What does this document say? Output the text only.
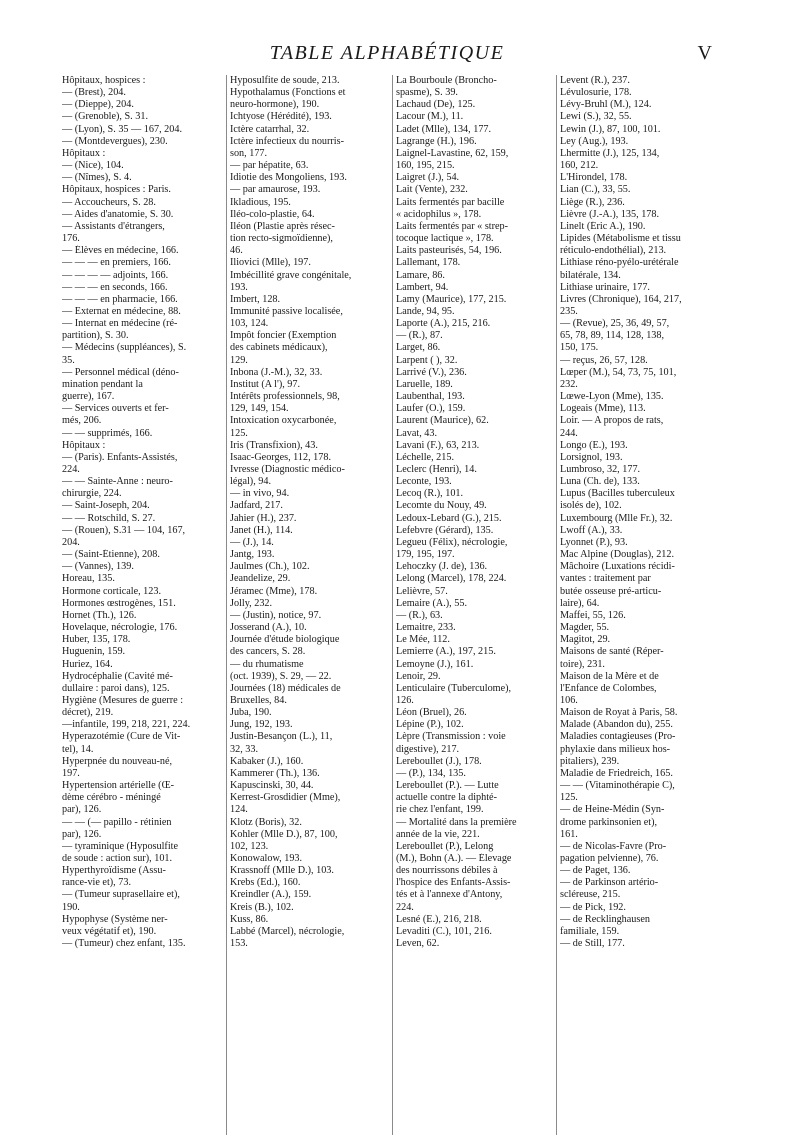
TABLE ALPHABÉTIQUE	V
Hôpitaux, hospices :
— (Brest), 204.
— (Dieppe), 204.
— (Grenoble), S. 31.
— (Lyon), S. 35 — 167, 204.
— (Montdevergues), 230.
Hôpitaux :
— (Nice), 104.
— (Nîmes), S. 4.
Hôpitaux, hospices : Paris.
— Accoucheurs, S. 28.
— Aides d'anatomie, S. 30.
— Assistants d'étrangers,
176.
— Élèves en médecine, 166.
— — — en premiers, 166.
— — — — adjoints, 166.
— — — en seconds, 166.
— — — en pharmacie, 166.
— Externat en médecine, 88.
— Internat en médecine (ré-
partition), S. 30.
— Médecins (suppléances), S.
35.
— Personnel médical (déno-
mination pendant la
guerre), 167.
— Services ouverts et fer-
més, 206.
— — supprimés, 166.
Hôpitaux :
— (Paris). Enfants-Assistés,
224.
— — Sainte-Anne : neuro-
chirurgie, 224.
— Saint-Joseph, 204.
— — Rotschild, S. 27.
— (Rouen), S.31 — 104, 167,
204.
— (Saint-Étienne), 208.
— (Vannes), 139.
Horeau, 135.
Hormone corticale, 123.
Hormones œstrogènes, 151.
Hornet (Th.), 126.
Hovelaque, nécrologie, 176.
Huber, 135, 178.
Huguenin, 159.
Huriez, 164.
Hydrocéphalie (Cavité mé-
dullaire : paroi dans), 125.
Hygiène (Mesures de guerre :
décret), 219.
—infantile, 199, 218, 221, 224.
Hyperazotémie (Cure de Vit-
tel), 14.
Hyperpnée du nouveau-né,
197.
Hypertension artérielle (Œ-
dème cérébro - méningé
par), 126.
— — (— papillo - rétinien
par), 126.
— tyraminique (Hyposulfite
de soude : action sur), 101.
Hyperthyroïdisme (Assu-
rance-vie et), 73.
— (Tumeur suprasellaire et),
190.
Hypophyse (Système ner-
veux végétatif et), 190.
— (Tumeur) chez enfant, 135.
Hyposulfite de soude, 213.
Hypothalamus (Fonctions et
neuro-hormone), 190.
Ichtyose (Hérédité), 193.
Ictère catarrhal, 32.
Ictère infectieux du nourris-
son, 177.
— par hépatite, 63.
Idiotie des Mongoliens, 193.
— par amaurose, 193.
Ikladious, 195.
Iléo-colo-plastie, 64.
Iléon (Plastie après résec-
tion recto-sigmoïdienne),
46.
Iliovici (Mlle), 197.
Imbécillité grave congénitale,
193.
Imbert, 128.
Immunité passive localisée,
103, 124.
Impôt foncier (Exemption
des cabinets médicaux),
129.
Inbona (J.-M.), 32, 33.
Institut (A l'), 97.
Intérêts professionnels, 98,
129, 149, 154.
Intoxication oxycarbonée,
125.
Iris (Transfixion), 43.
Isaac-Georges, 112, 178.
Ivresse (Diagnostic médico-
légal), 94.
— in vivo, 94.
Jadfard, 217.
Jahier (H.), 237.
Janet (H.), 114.
— (J.), 14.
Jantg, 193.
Jaulmes (Ch.), 102.
Jeandelize, 29.
Jéramec (Mme), 178.
Jolly, 232.
— (Justin), notice, 97.
Josserand (A.), 10.
Journée d'étude biologique
des cancers, S. 28.
— du rhumatisme
(oct. 1939), S. 29, — 22.
Journées (18) médicales de
Bruxelles, 84.
Juba, 190.
Jung, 192, 193.
Justin-Besançon (L.), 11,
32, 33.
Kabaker (J.), 160.
Kammerer (Th.), 136.
Kapuscinski, 30, 44.
Kerrest-Grosdidier (Mme),
124.
Klotz (Boris), 32.
Kohler (Mlle D.), 87, 100,
102, 123.
Konowalow, 193.
Krassnoff (Mlle D.), 103.
Krebs (Ed.), 160.
Kreindler (A.), 159.
Kreis (B.), 102.
Kuss, 86.
Labbé (Marcel), nécrologie,
153.
La Bourboule (Broncho-
spasme), S. 39.
Lachaud (De), 125.
Lacour (M.), 11.
Ladet (Mlle), 134, 177.
Lagrange (H.), 196.
Laignel-Lavastine, 62, 159,
160, 195, 215.
Laigret (J.), 54.
Lait (Vente), 232.
Laits fermentés par bacille
« acidophilus », 178.
Laits fermentés par « strep-
tocoque lactique », 178.
Laits pasteurisés, 54, 196.
Lallemant, 178.
Lamare, 86.
Lambert, 94.
Lamy (Maurice), 177, 215.
Lande, 94, 95.
Laporte (A.), 215, 216.
— (R.), 87.
Larget, 86.
Larpent ( ), 32.
Larrivé (V.), 236.
Laruelle, 189.
Laubenthal, 193.
Laufer (O.), 159.
Laurent (Maurice), 62.
Lavat, 43.
Lavani (F.), 63, 213.
Léchelle, 215.
Leclerc (Henri), 14.
Leconte, 193.
Lecoq (R.), 101.
Lecomte du Nouy, 49.
Ledoux-Lebard (G.), 215.
Lefebvre (Gérard), 135.
Legueu (Félix), nécrologie,
179, 195, 197.
Lehoczky (J. de), 136.
Lelong (Marcel), 178, 224.
Lelièvre, 57.
Lemaire (A.), 55.
— (R.), 63.
Lemaitre, 233.
Le Mée, 112.
Lemierre (A.), 197, 215.
Lemoyne (J.), 161.
Lenoir, 29.
Lenticulaire (Tuberculome),
126.
Léon (Bruel), 26.
Lépine (P.), 102.
Lèpre (Transmission : voie
digestive), 217.
Lereboullet (J.), 178.
— (P.), 134, 135.
Lereboullet (P.). — Lutte
actuelle contre la diphté-
rie chez l'enfant, 199.
— Mortalité dans la première
année de la vie, 221.
Lereboullet (P.), Lelong
(M.), Bohn (A.). — Élevage
des nourrissons débiles à
l'hospice des Enfants-Assis-
tés et à l'annexe d'Antony,
224.
Lesné (E.), 216, 218.
Levaditi (C.), 101, 216.
Leven, 62.
Levent (R.), 237.
Lévulosurie, 178.
Lévy-Bruhl (M.), 124.
Lewi (S.), 32, 55.
Lewin (J.), 87, 100, 101.
Ley (Aug.), 193.
Lhermitte (J.), 125, 134,
160, 212.
L'Hirondel, 178.
Lian (C.), 33, 55.
Liège (R.), 236.
Lièvre (J.-A.), 135, 178.
Linelt (Éric A.), 190.
Lipides (Métabolisme et tissu
réticulo-endothélial), 213.
Lithiase réno-pyélo-urétérale
bilatérale, 134.
Lithiase urinaire, 177.
Livres (Chronique), 164, 217,
235.
— (Revue), 25, 36, 49, 57,
65, 78, 89, 114, 128, 138,
150, 175.
— reçus, 26, 57, 128.
Lœper (M.), 54, 73, 75, 101,
232.
Lœwe-Lyon (Mme), 135.
Logeais (Mme), 113.
Loir. — A propos de rats,
244.
Longo (E.), 193.
Lorsignol, 193.
Lumbroso, 32, 177.
Luna (Ch. de), 133.
Lupus (Bacilles tuberculeux
isolés de), 102.
Luxembourg (Mlle Fr.), 32.
Lwoff (A.), 33.
Lyonnet (P.), 93.
Mac Alpine (Douglas), 212.
Mâchoire (Luxations récidi-
vantes : traitement par
butée osseuse pré-articu-
laire), 64.
Maffei, 55, 126.
Magder, 55.
Magitot, 29.
Maisons de santé (Réper-
toire), 231.
Maison de la Mère et de
l'Enfance de Colombes,
106.
Maison de Royat à Paris, 58.
Malade (Abandon du), 255.
Maladies contagieuses (Pro-
phylaxie dans milieux hos-
pitaliers), 239.
Maladie de Friedreich, 165.
— — (Vitaminothérapie C),
125.
— de Heine-Médin (Syn-
drome parkinsonien et),
161.
— de Nicolas-Favre (Pro-
pagation pelvienne), 76.
— de Paget, 136.
— de Parkinson artério-
scléreuse, 215.
— de Pick, 192.
— de Recklinghausen
familiale, 159.
— de Still, 177.
